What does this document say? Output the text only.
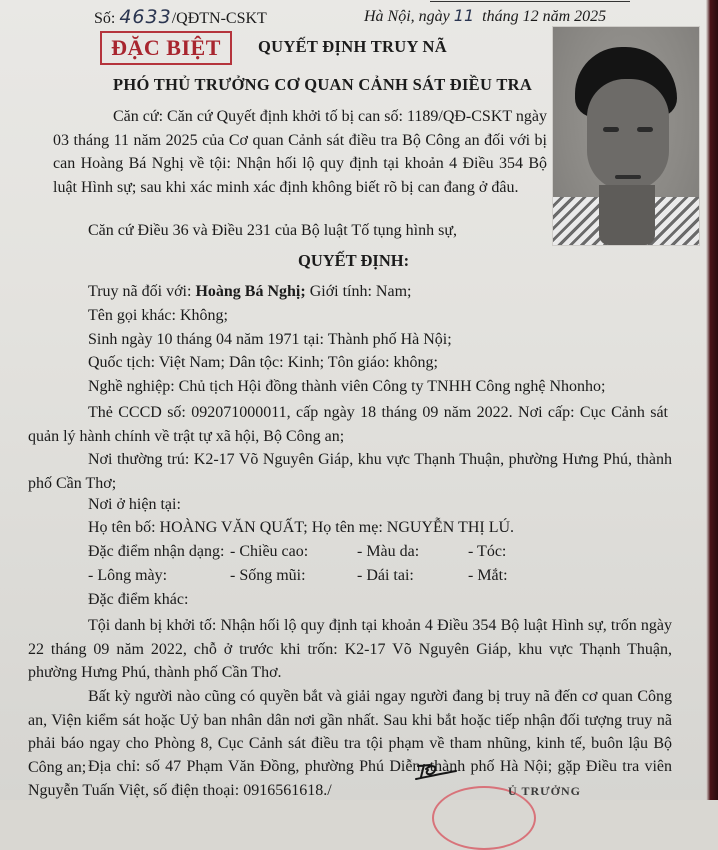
Số: 4633/QĐTN-CSKT	Hà Nội, ngày 11 tháng 12 năm 2025
ĐẶC BIỆT	QUYẾT ĐỊNH TRUY NÃ
PHÓ THỦ TRƯỞNG CƠ QUAN CẢNH SÁT ĐIỀU TRA
Căn cứ: Căn cứ Quyết định khởi tố bị can số: 1189/QĐ-CSKT ngày 03 tháng 11 năm 2025 của Cơ quan Cảnh sát điều tra Bộ Công an đối với bị can Hoàng Bá Nghị về tội: Nhận hối lộ quy định tại khoản 4 Điều 354 Bộ luật Hình sự; sau khi xác minh xác định không biết rõ bị can đang ở đâu.
Căn cứ Điều 36 và Điều 231 của Bộ luật Tố tụng hình sự,
QUYẾT ĐỊNH:
Truy nã đối với: Hoàng Bá Nghị; Giới tính: Nam;
Tên gọi khác: Không;
Sinh ngày 10 tháng 04 năm 1971 tại: Thành phố Hà Nội;
Quốc tịch: Việt Nam; Dân tộc: Kinh; Tôn giáo: không;
Nghề nghiệp: Chủ tịch Hội đồng thành viên Công ty TNHH Công nghệ Nhonho;
Thẻ CCCD số: 092071000011, cấp ngày 18 tháng 09 năm 2022. Nơi cấp: Cục Cảnh sát quản lý hành chính về trật tự xã hội, Bộ Công an;
Nơi thường trú: K2-17 Võ Nguyên Giáp, khu vực Thạnh Thuận, phường Hưng Phú, thành phố Cần Thơ;
Nơi ở hiện tại:
Họ tên bố: HOÀNG VĂN QUẤT; Họ tên mẹ: NGUYỄN THỊ LÚ.
Đặc điểm nhận dạng: - Chiều cao:	- Màu da:	- Tóc:
- Lông mày:	- Sống mũi:	- Dái tai:	- Mắt:
Đặc điểm khác:
Tội danh bị khởi tố: Nhận hối lộ quy định tại khoản 4 Điều 354 Bộ luật Hình sự, trốn ngày 22 tháng 09 năm 2022, chỗ ở trước khi trốn: K2-17 Võ Nguyên Giáp, khu vực Thạnh Thuận, phường Hưng Phú, thành phố Cần Thơ.
Bất kỳ người nào cũng có quyền bắt và giải ngay người đang bị truy nã đến cơ quan Công an, Viện kiểm sát hoặc Uỷ ban nhân dân nơi gần nhất. Sau khi bắt hoặc tiếp nhận đối tượng truy nã phải báo ngay cho Phòng 8, Cục Cảnh sát điều tra tội phạm về tham nhũng, kinh tế, buôn lậu Bộ Công an; Địa chỉ: số 47 Phạm Văn Đồng, phường Phú Diễn, thành phố Hà Nội; gặp Điều tra viên Nguyễn Tuấn Việt, số điện thoại: 0916561618./	Ủ TRƯỞNG
